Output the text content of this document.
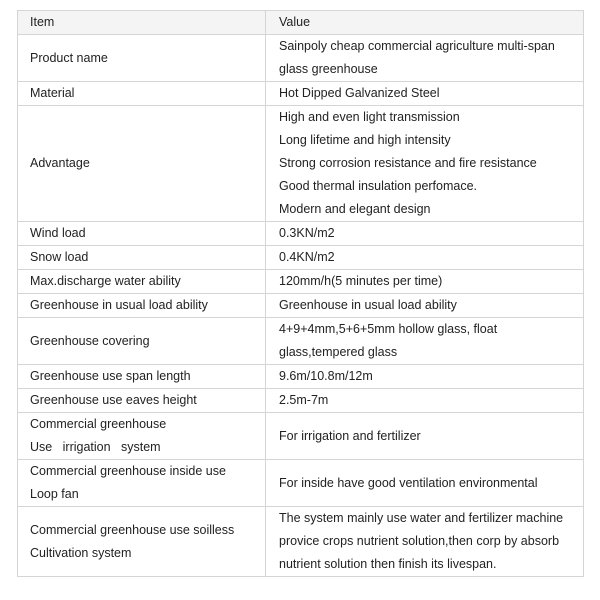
Item	Value

Product name	Sainpoly cheap commercial agriculture multi-span
glass greenhouse

Material	Hot Dipped Galvanized Steel

Advantage	High and even light transmission
Long lifetime and high intensity
Strong corrosion resistance and fire resistance
Good thermal insulation perfomace.
Modern and elegant design

Wind load	0.3KN/m2

Snow load	0.4KN/m2

Max.discharge water ability	120mm/h(5 minutes per time)

Greenhouse in usual load ability	Greenhouse in usual load ability

Greenhouse covering	4+9+4mm,5+6+5mm hollow glass, float
glass,tempered glass

Greenhouse use span length	9.6m/10.8m/12m

Greenhouse use eaves height	2.5m-7m

Commercial greenhouse
Use   irrigation   system	For irrigation and fertilizer

Commercial greenhouse inside use
Loop fan	For inside have good ventilation environmental

Commercial greenhouse use soilless
Cultivation system	The system mainly use water and fertilizer machine
provice crops nutrient solution,then corp by absorb
nutrient solution then finish its livespan.
